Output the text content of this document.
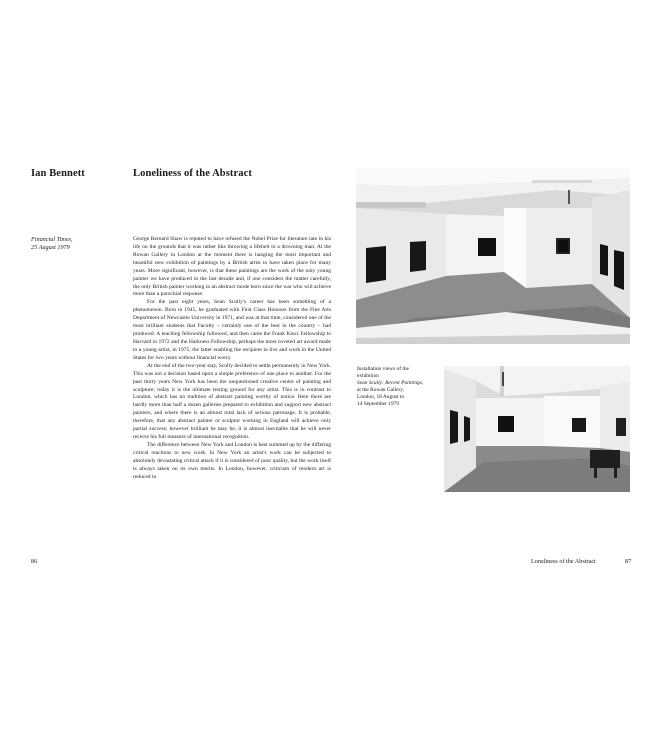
Ian Bennett	Loneliness of the Abstract
Financial Times,
25 August 1979

George Bernard Shaw is reputed to have refused the Nobel Prize for literature late in his life on the grounds that it was rather like throwing a lifebelt to a drowning man. At the Rowan Gallery in London at the moment there is hanging the most important and beautiful new exhibition of paintings by a British artist to have taken place for many years. More significant, however, is that these paintings are the work of the only young painter we have produced in the last decade and, if one considers the matter carefully, the only British painter working in an abstract mode born since the war who will achieve more than a parochial response.

For the past eight years, Sean Scully's career has been something of a phenomenon. Born in 1945, he graduated with First Class Honours from the Fine Arts Department of Newcastle University in 1971, and was at that time, considered one of the most brilliant students that Faculty – certainly one of the best in the country – had produced. A teaching fellowship followed, and then came the Frank Knox Fellowship to Harvard in 1972 and the Harkness Fellowship, perhaps the most coveted art award made to a young artist, in 1975, the latter enabling the recipient to live and work in the United States for two years without financial worry.

At the end of the two-year stay, Scully decided to settle permanently in New York. This was not a decision based upon a simple preference of one place to another. For the past thirty years New York has been the unquestioned creative centre of painting and sculpture; today it is the ultimate testing ground for any artist. This is in contrast to London, which has no tradition of abstract painting worthy of notice. Here there are hardly more than half a dozen galleries prepared to exhibition and support new abstract painters, and where there is an almost total lack of serious patronage. It is probable, therefore, that any abstract painter or sculptor working in England will achieve only partial success; however brilliant he may be, it is almost inevitable that he will never receive his full measure of international recognition.

The difference between New York and London is best summed up by the differing critical reactions to new work. In New York an artist's work can be subjected to absolutely devastating critical attack if it is considered of poor quality, but the work itself is always taken on its own merits. In London, however, criticism of modern art is reduced in

86
Installation views of the
exhibition
Sean Scully: Recent Paintings,
at the Rowan Gallery,
London, 18 August to
14 September 1979
Loneliness of the Abstract	87
